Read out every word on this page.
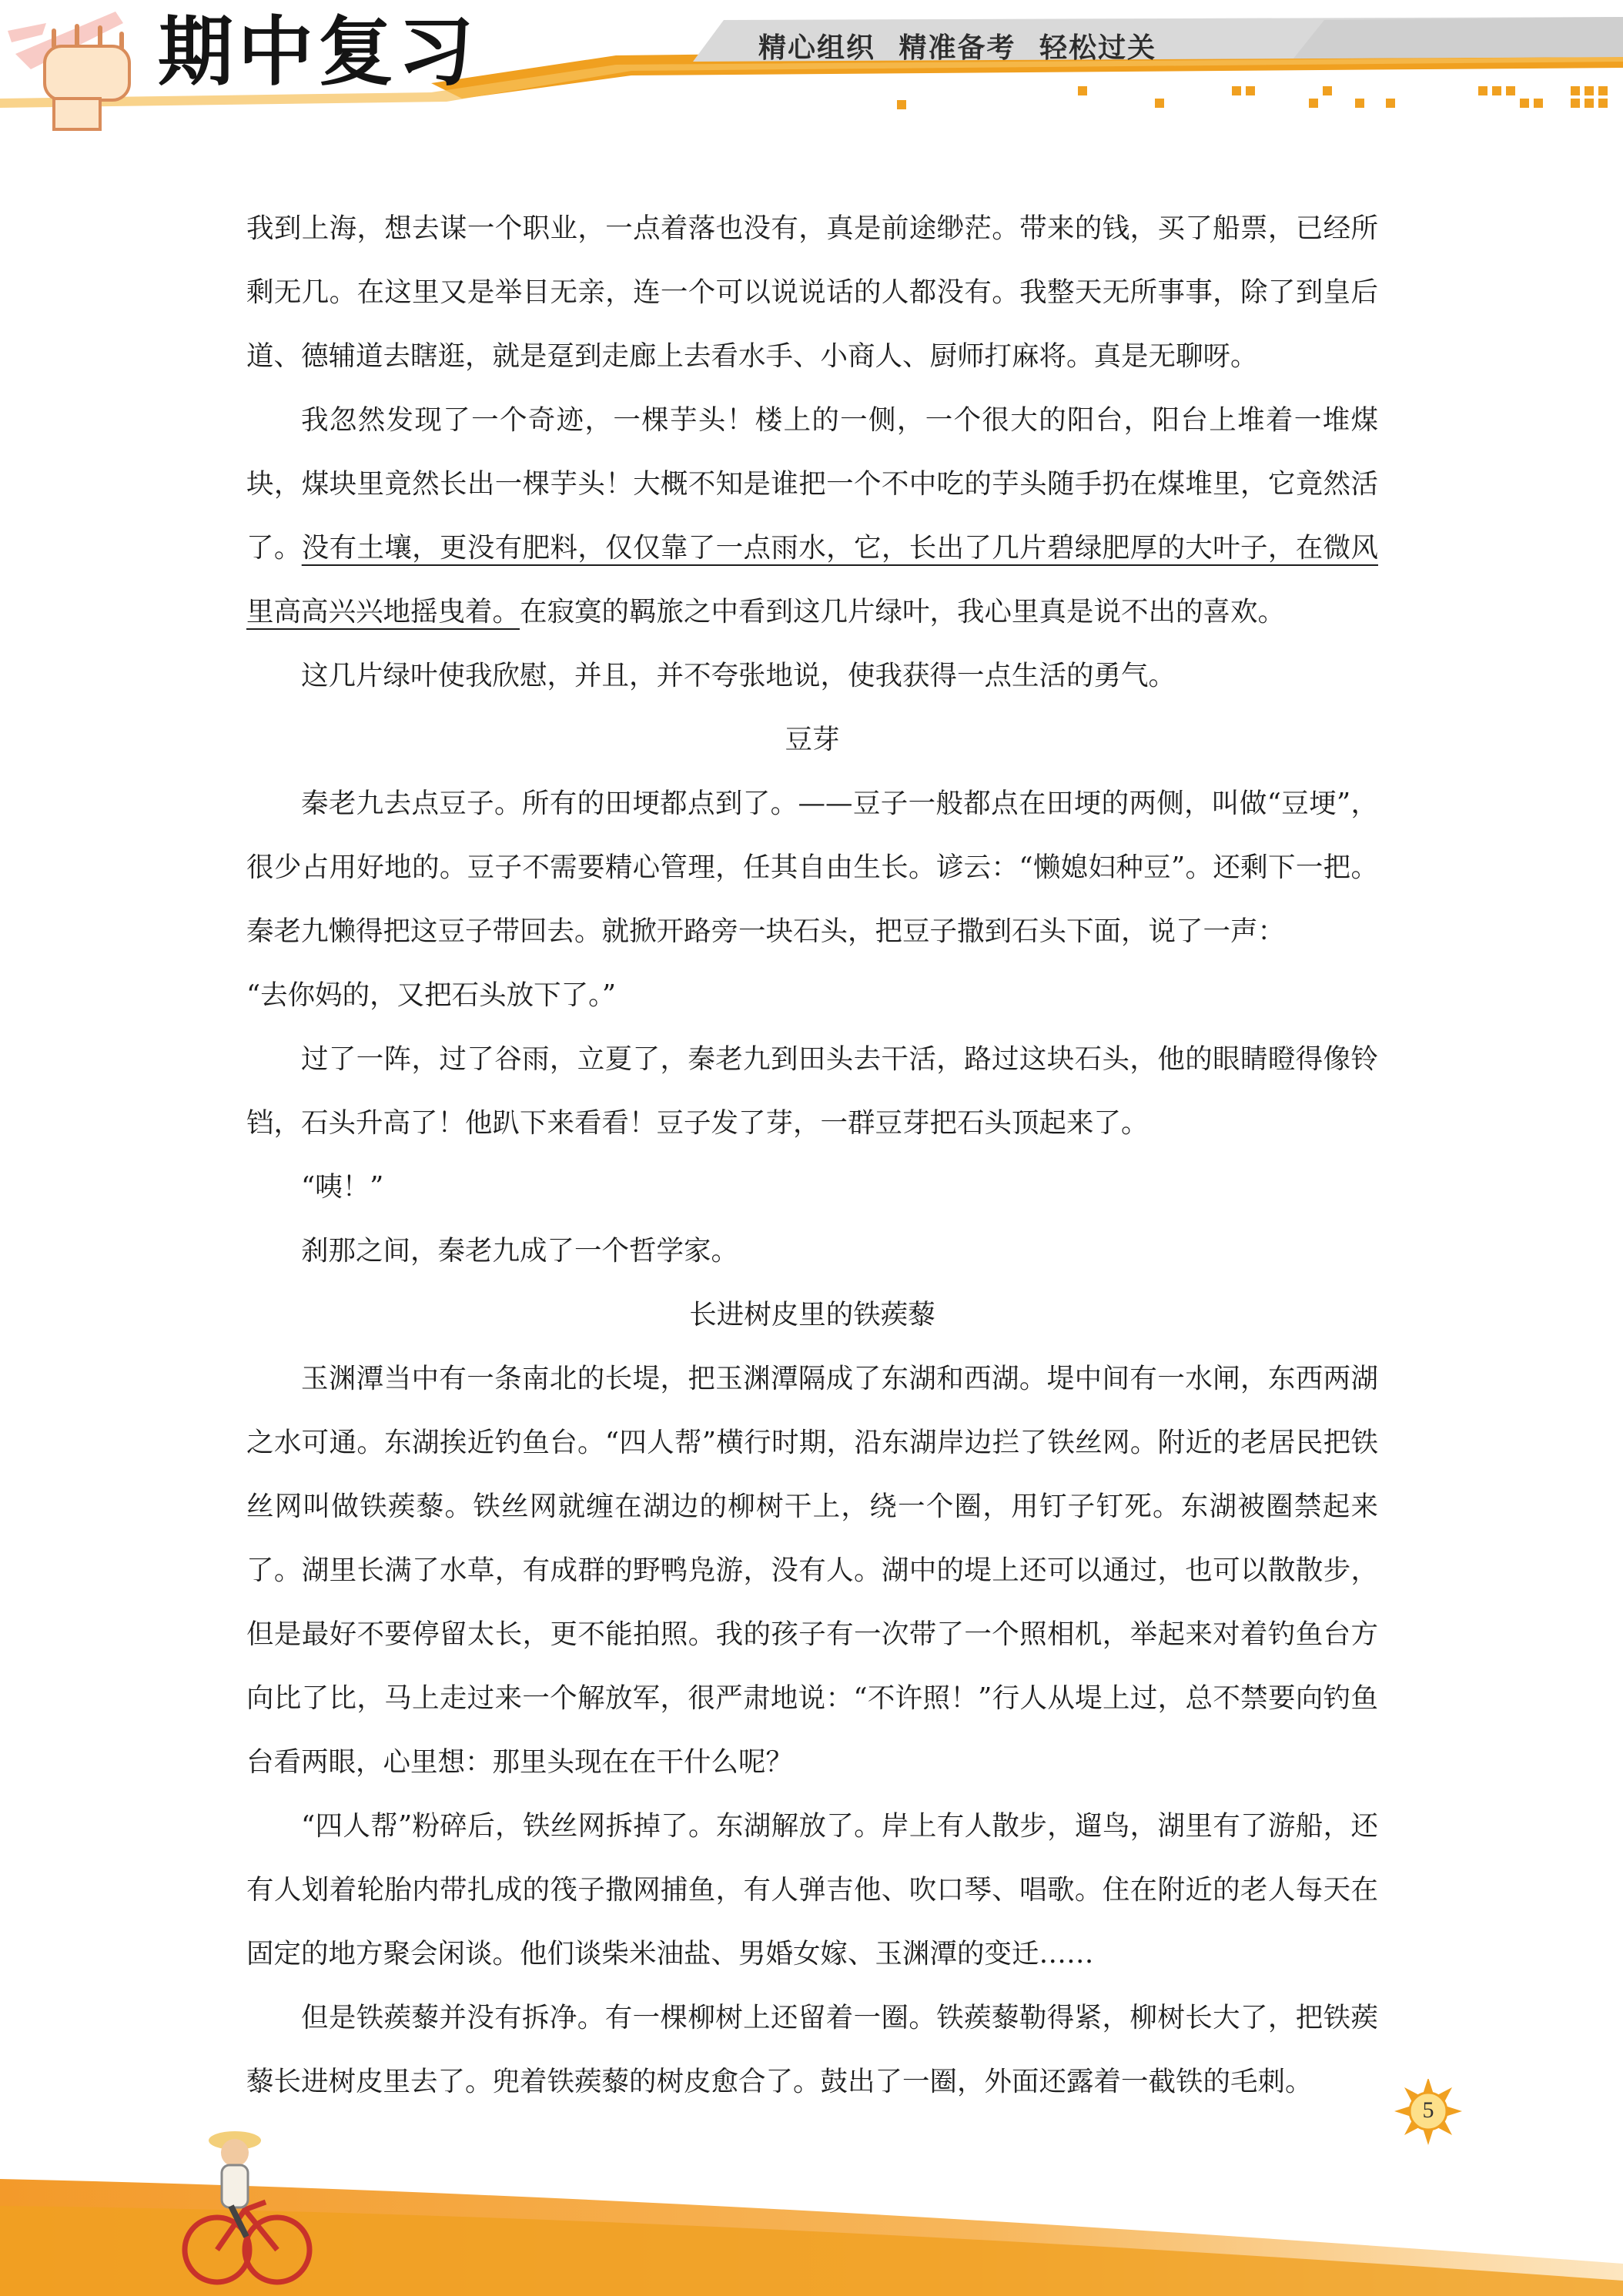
期中复习	精心组织 精准备考 轻松过关

我到上海，想去谋一个职业，一点着落也没有，真是前途缈茫。带来的钱，买了船票，已经所剩无几。在这里又是举目无亲，连一个可以说说话的人都没有。我整天无所事事，除了到皇后道、德辅道去瞎逛，就是趸到走廊上去看水手、小商人、厨师打麻将。真是无聊呀。

我忽然发现了一个奇迹，一棵芋头！楼上的一侧，一个很大的阳台，阳台上堆着一堆煤块，煤块里竟然长出一棵芋头！大概不知是谁把一个不中吃的芋头随手扔在煤堆里，它竟然活了。没有土壤，更没有肥料，仅仅靠了一点雨水，它，长出了几片碧绿肥厚的大叶子，在微风里高高兴兴地摇曳着。在寂寞的羁旅之中看到这几片绿叶，我心里真是说不出的喜欢。

这几片绿叶使我欣慰，并且，并不夸张地说，使我获得一点生活的勇气。

豆芽

秦老九去点豆子。所有的田埂都点到了。——豆子一般都点在田埂的两侧，叫做“豆埂”，很少占用好地的。豆子不需要精心管理，任其自由生长。谚云：“懒媳妇种豆”。还剩下一把。秦老九懒得把这豆子带回去。就掀开路旁一块石头，把豆子撒到石头下面，说了一声：

“去你妈的，又把石头放下了。”

过了一阵，过了谷雨，立夏了，秦老九到田头去干活，路过这块石头，他的眼睛瞪得像铃铛，石头升高了！他趴下来看看！豆子发了芽，一群豆芽把石头顶起来了。

“咦！”

刹那之间，秦老九成了一个哲学家。

长进树皮里的铁蒺藜

玉渊潭当中有一条南北的长堤，把玉渊潭隔成了东湖和西湖。堤中间有一水闸，东西两湖之水可通。东湖挨近钓鱼台。“四人帮”横行时期，沿东湖岸边拦了铁丝网。附近的老居民把铁丝网叫做铁蒺藜。铁丝网就缠在湖边的柳树干上，绕一个圈，用钉子钉死。东湖被圈禁起来了。湖里长满了水草，有成群的野鸭凫游，没有人。湖中的堤上还可以通过，也可以散散步，但是最好不要停留太长，更不能拍照。我的孩子有一次带了一个照相机，举起来对着钓鱼台方向比了比，马上走过来一个解放军，很严肃地说：“不许照！”行人从堤上过，总不禁要向钓鱼台看两眼，心里想：那里头现在在干什么呢？

“四人帮”粉碎后，铁丝网拆掉了。东湖解放了。岸上有人散步，遛鸟，湖里有了游船，还有人划着轮胎内带扎成的筏子撒网捕鱼，有人弹吉他、吹口琴、唱歌。住在附近的老人每天在固定的地方聚会闲谈。他们谈柴米油盐、男婚女嫁、玉渊潭的变迁……

但是铁蒺藜并没有拆净。有一棵柳树上还留着一圈。铁蒺藜勒得紧，柳树长大了，把铁蒺藜长进树皮里去了。兜着铁蒺藜的树皮愈合了。鼓出了一圈，外面还露着一截铁的毛刺。

5
